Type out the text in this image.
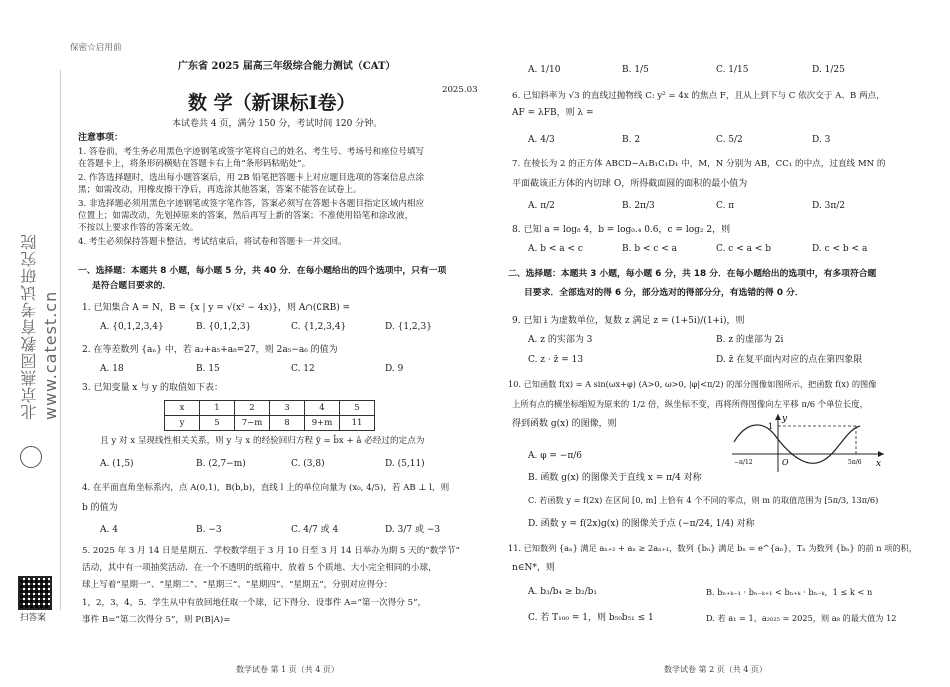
北京燕园教育考试研究院 www.catest.cn
扫答案
保密☆启用前
广东省 2025 届高三年级综合能力测试（CAT）
2025.03
数 学（新课标Ⅰ卷）
本试卷共 4 页，满分 150 分，考试时间 120 分钟。
注意事项：
1. 答卷前，考生务必用黑色字迹钢笔或签字笔将自己的姓名、考生号、考场号和座位号填写
在答题卡上，将条形码横贴在答题卡右上角“条形码粘贴处”。
2. 作答选择题时，选出每小题答案后，用 2B 铅笔把答题卡上对应题目选项的答案信息点涂
黑；如需改动，用橡皮擦干净后，再选涂其他答案，答案不能答在试卷上。
3. 非选择题必须用黑色字迹钢笔或签字笔作答，答案必须写在答题卡各题目指定区域内相应
位置上；如需改动，先划掉原来的答案，然后再写上新的答案；不准使用铅笔和涂改液，
不按以上要求作答的答案无效。
4. 考生必须保持答题卡整洁，考试结束后，将试卷和答题卡一并交回。
一、选择题：本题共 8 小题，每小题 5 分，共 40 分．在每小题给出的四个选项中，只有一项
是符合题目要求的．
1. 已知集合 A = N，B = {x | y = √(x² − 4x)}，则 A∩(∁ℝB) =
A. {0,1,2,3,4}	B. {0,1,2,3}	C. {1,2,3,4}	D. {1,2,3}
2. 在等差数列 {aₙ} 中，若 a₂+a₅+a₈=27，则 2a₅−a₆ 的值为
A. 18	B. 15	C. 12	D. 9
3. 已知变量 x 与 y 的取值如下表：
x	1	2	3	4	5
y	5	7−m	8	9+m	11
且 y 对 x 呈现线性相关关系，则 y 与 x 的经验回归方程 ŷ = b̂x + â 必经过的定点为
A. (1,5)	B. (2,7−m)	C. (3,8)	D. (5,11)
4. 在平面直角坐标系内，点 A(0,1)，B(b,b)，直线 l 上的单位向量为 (x₀, 4/5)，若 AB ⊥ l，则
b 的值为
A. 4	B. −3	C. 4/7 或 4	D. 3/7 或 −3
5. 2025 年 3 月 14 日是星期五．学校数学组于 3 月 10 日至 3 月 14 日举办为期 5 天的“数学节”
活动，其中有一项抽奖活动．在一个不透明的纸箱中，放着 5 个质地、大小完全相同的小球，
球上写着“星期一”、“星期二”、“星期三”、“星期四”、“星期五”，分别对应得分：
1，2，3，4，5．学生从中有放回地任取一个球，记下得分．设事件 A=“第一次得分 5”，
事件 B=“第二次得分 5”，则 P(B|A)=
数学试卷 第 1 页（共 4 页）
A. 1/10	B. 1/5	C. 1/15	D. 1/25
6. 已知斜率为 √3 的直线过抛物线 C: y² = 4x 的焦点 F，且从上到下与 C 依次交于 A、B 两点，
AF = λFB，则 λ =
A. 4/3	B. 2	C. 5/2	D. 3
7. 在棱长为 2 的正方体 ABCD−A₁B₁C₁D₁ 中，M，N 分别为 AB，CC₁ 的中点，过直线 MN 的
平面截该正方体的内切球 O，所得截面圆的面积的最小值为
A. π/2	B. 2π/3	C. π	D. 3π/2
8. 已知 a = log₈ 4，b = log₀.₄ 0.6，c = log₂ 2，则
A. b < a < c	B. b < c < a	C. c < a < b	D. c < b < a
二、选择题：本题共 3 小题，每小题 6 分，共 18 分．在每小题给出的选项中，有多项符合题
目要求．全部选对的得 6 分，部分选对的得部分分，有选错的得 0 分．
9. 已知 i 为虚数单位，复数 z 满足 z = (1+5i)/(1+i)，则
A. z 的实部为 3	B. z 的虚部为 2i
C. z · z̄ = 13	D. z̄ 在复平面内对应的点在第四象限
10. 已知函数 f(x) = A sin(ωx+φ) (A>0, ω>0, |φ|<π/2) 的部分图像如图所示，把函数 f(x) 的图像
上所有点的横坐标缩短为原来的 1/2 倍，纵坐标不变，再将所得图像向左平移 π/6 个单位长度，
得到函数 g(x) 的图像，则
x
y
1
O
−π/12	5π/6
A. φ = −π/6
B. 函数 g(x) 的图像关于直线 x = π/4 对称
C. 若函数 y = f(2x) 在区间 [0, m] 上恰有 4 个不同的零点，则 m 的取值范围为 [5π/3, 13π/6)
D. 函数 y = f(2x)g(x) 的图像关于点 (−π/24, 1/4) 对称
11. 已知数列 {aₙ} 满足 aₙ₊₂ + aₙ ≥ 2aₙ₊₁，数列 {bₙ} 满足 bₙ = e^{aₙ}，Tₙ 为数列 {bₙ} 的前 n 项的积，
n∈N*，则
A. b₃/b₄ ≥ b₂/b₁	B. bₙ₊ₖ₋₁ · bₙ₋ₖ₊₁ < bₙ₊ₖ · bₙ₋ₖ，1 ≤ k < n
C. 若 T₁₀₀ = 1，则 b₅₀b₅₁ ≤ 1	D. 若 a₁ = 1，a₂₀₂₅ = 2025，则 a₈ 的最大值为 12
数学试卷 第 2 页（共 4 页）
